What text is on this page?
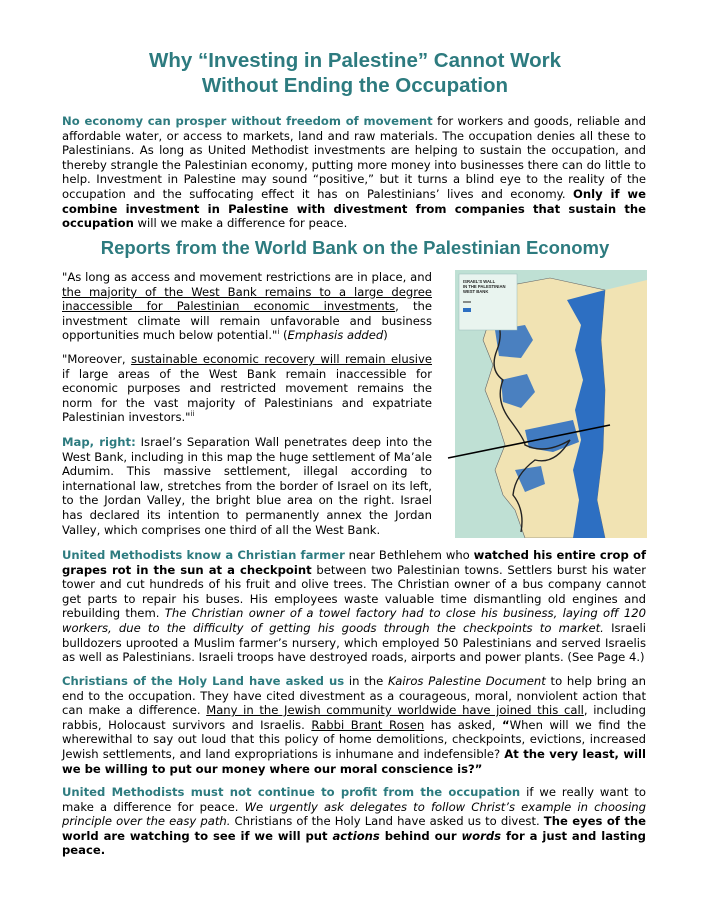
Why “Investing in Palestine” Cannot Work
Without Ending the Occupation

No economy can prosper without freedom of movement for workers and goods, reliable and affordable water, or access to markets, land and raw materials. The occupation denies all these to Palestinians. As long as United Methodist investments are helping to sustain the occupation, and thereby strangle the Palestinian economy, putting more money into businesses there can do little to help. Investment in Palestine may sound “positive,” but it turns a blind eye to the reality of the occupation and the suffocating effect it has on Palestinians’ lives and economy. Only if we combine investment in Palestine with divestment from companies that sustain the occupation will we make a difference for peace.

Reports from the World Bank on the Palestinian Economy

"As long as access and movement restrictions are in place, and the majority of the West Bank remains to a large degree inaccessible for Palestinian economic investments, the investment climate will remain unfavorable and business opportunities much below potential."$^i$ (Emphasis added)

"Moreover, sustainable economic recovery will remain elusive if large areas of the West Bank remain inaccessible for economic purposes and restricted movement remains the norm for the vast majority of Palestinians and expatriate Palestinian investors."$^{ii}$

Map, right: Israel’s Separation Wall penetrates deep into the West Bank, including in this map the huge settlement of Ma’ale Adumim. This massive settlement, illegal according to international law, stretches from the border of Israel on its left, to the Jordan Valley, the bright blue area on the right. Israel has declared its intention to permanently annex the Jordan Valley, which comprises one third of all the West Bank.

ISRAEL'S WALL
IN THE PALESTINIAN
WEST BANK

United Methodists know a Christian farmer near Bethlehem who watched his entire crop of grapes rot in the sun at a checkpoint between two Palestinian towns. Settlers burst his water tower and cut hundreds of his fruit and olive trees. The Christian owner of a bus company cannot get parts to repair his buses. His employees waste valuable time dismantling old engines and rebuilding them. The Christian owner of a towel factory had to close his business, laying off 120 workers, due to the difficulty of getting his goods through the checkpoints to market. Israeli bulldozers uprooted a Muslim farmer’s nursery, which employed 50 Palestinians and served Israelis as well as Palestinians. Israeli troops have destroyed roads, airports and power plants. (See Page 4.)

Christians of the Holy Land have asked us in the Kairos Palestine Document to help bring an end to the occupation. They have cited divestment as a courageous, moral, nonviolent action that can make a difference. Many in the Jewish community worldwide have joined this call, including rabbis, Holocaust survivors and Israelis. Rabbi Brant Rosen has asked, “When will we find the wherewithal to say out loud that this policy of home demolitions, checkpoints, evictions, increased Jewish settlements, and land expropriations is inhumane and indefensible? At the very least, will we be willing to put our money where our moral conscience is?”

United Methodists must not continue to profit from the occupation if we really want to make a difference for peace. We urgently ask delegates to follow Christ’s example in choosing principle over the easy path. Christians of the Holy Land have asked us to divest. The eyes of the world are watching to see if we will put actions behind our words for a just and lasting peace.
